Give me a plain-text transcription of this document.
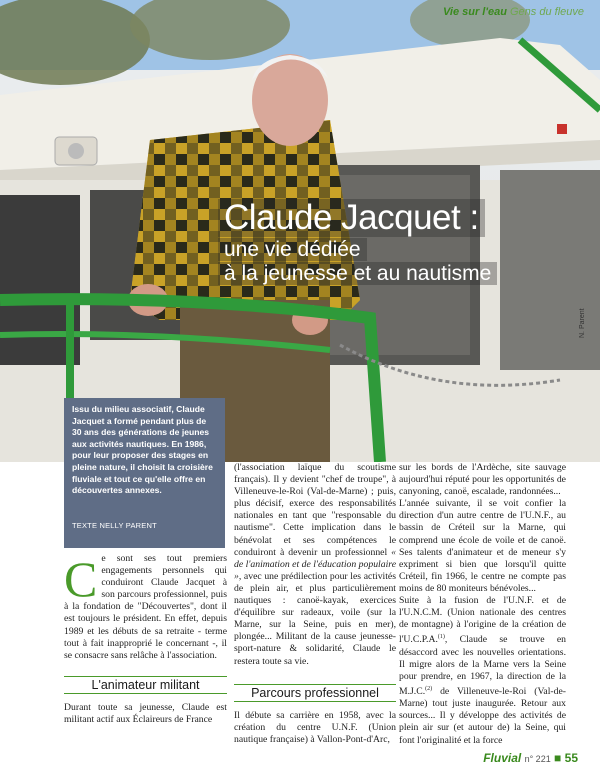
Vie sur l'eau Gens du fleuve
Claude Jacquet :
une vie dédiée
à la jeunesse et au nautisme
N. Parent

Issu du milieu associatif, Claude Jacquet a formé pendant plus de 30 ans des générations de jeunes aux activités nautiques. En 1986, pour leur proposer des stages en pleine nature, il choisit la croisière fluviale et tout ce qu'elle offre en découvertes annexes.

TEXTE NELLY PARENT

Ce sont ses tout premiers engagements personnels qui conduiront Claude Jacquet à son parcours professionnel, puis à la fondation de "Découvertes", dont il est toujours le président. En effet, depuis 1989 et les débuts de sa retraite - terme tout à fait inapproprié le concernant -, il se consacre sans relâche à l'association.

L'animateur militant

Durant toute sa jeunesse, Claude est militant actif aux Éclaireurs de France

(l'association laïque du scoutisme français). Il y devient "chef de troupe", à Villeneuve-le-Roi (Val-de-Marne) ; puis, plus décisif, exerce des responsabilités nationales en tant que "responsable du nautisme". Cette implication dans le bénévolat et ses compétences le conduiront à devenir un professionnel « de l'animation et de l'éducation populaire », avec une prédilection pour les activités de plein air, et plus particulièrement nautiques : canoë-kayak, exercices d'équilibre sur radeaux, voile (sur la Marne, sur la Seine, puis en mer), plongée... Militant de la cause jeunesse-sport-nature & solidarité, Claude le restera toute sa vie.

Parcours professionnel

Il débute sa carrière en 1958, avec la création du centre U.N.F. (Union nautique française) à Vallon-Pont-d'Arc,

sur les bords de l'Ardèche, site sauvage aujourd'hui réputé pour les opportunités de canyoning, canoë, escalade, randonnées...

L'année suivante, il se voit confier la direction d'un autre centre de l'U.N.F., au bassin de Créteil sur la Marne, qui comprend une école de voile et de canoë. Ses talents d'animateur et de meneur s'y expriment si bien que lorsqu'il quitte Créteil, fin 1966, le centre ne compte pas moins de 80 moniteurs bénévoles...

Suite à la fusion de l'U.N.F. et de l'U.N.C.M. (Union nationale des centres de montagne) à l'origine de la création de l'U.C.P.A.$^{(1)}$, Claude se trouve en désaccord avec les nouvelles orientations. Il migre alors de la Marne vers la Seine pour prendre, en 1967, la direction de la M.J.C.$^{(2)}$ de Villeneuve-le-Roi (Val-de-Marne) tout juste inaugurée. Retour aux sources... Il y développe des activités de plein air sur (et autour de) la Seine, qui font l'originalité et la force

Fluvial n° 221 ■ 55
